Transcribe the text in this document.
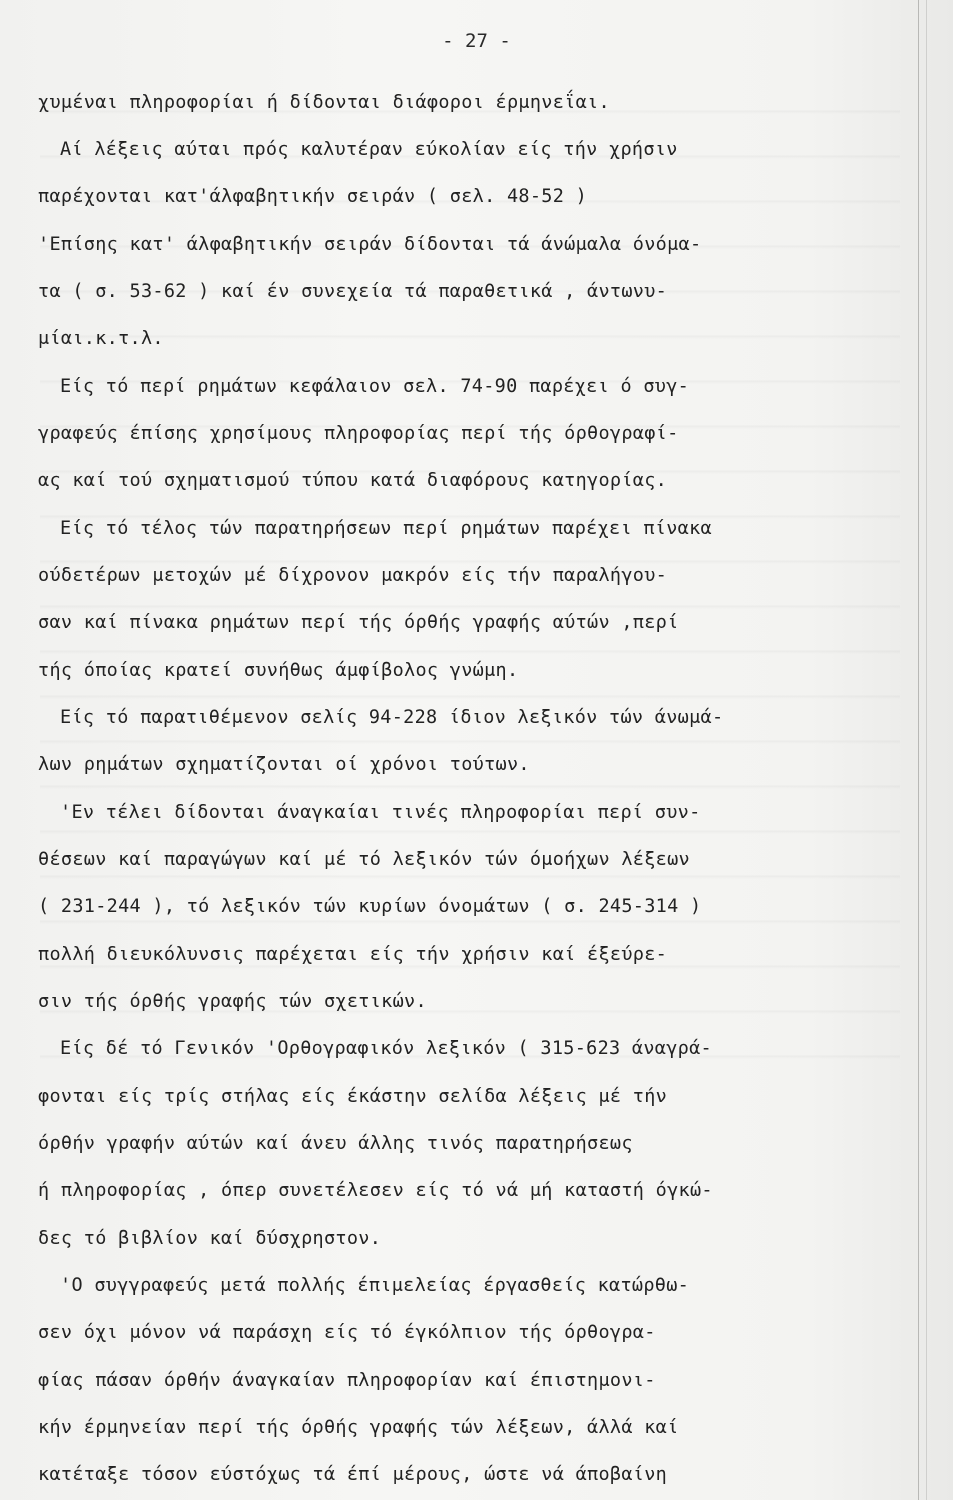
- 27 -
χυμέναι πληροφορίαι ή δίδονται διάφοροι έρμηνεΐαι.
Αί λέξεις αύται πρός καλυτέραν εύκολίαν είς τήν χρήσιν
παρέχονται κατ'άλφαβητικήν σειράν ( σελ. 48-52 )
'Επίσης κατ' άλφαβητικήν σειράν δίδονται τά άνώμαλα όνόμα-
τα ( σ. 53-62 ) καί έν συνεχεία τά παραθετικά , άντωνυ-
μίαι.κ.τ.λ.
Είς τό περί ρημάτων κεφάλαιον σελ. 74-90 παρέχει ό συγ-
γραφεύς έπίσης χρησίμους πληροφορίας περί τής όρθογραφί-
ας καί τού σχηματισμού τύπου κατά διαφόρους κατηγορίας.
Είς τό τέλος τών παρατηρήσεων περί ρημάτων παρέχει πίνακα
ούδετέρων μετοχών μέ δίχρονον μακρόν είς τήν παραλήγου-
σαν καί πίνακα ρημάτων περί τής όρθής γραφής αύτών ,περί
τής όποίας κρατεί συνήθως άμφίβολος γνώμη.
Είς τό παρατιθέμενον σελίς 94-228 ίδιον λεξικόν τών άνωμά-
λων ρημάτων σχηματίζονται οί χρόνοι τούτων.
'Εν τέλει δίδονται άναγκαίαι τινές πληροφορίαι περί συν-
θέσεων καί παραγώγων καί μέ τό λεξικόν τών όμοήχων λέξεων
( 231-244 ), τό λεξικόν τών κυρίων όνομάτων ( σ. 245-314 )
πολλή διευκόλυνσις παρέχεται είς τήν χρήσιν καί έξεύρε-
σιν τής όρθής γραφής τών σχετικών.
Είς δέ τό Γενικόν 'Ορθογραφικόν λεξικόν ( 315-623 άναγρά-
φονται είς τρίς στήλας είς έκάστην σελίδα λέξεις μέ τήν
όρθήν γραφήν αύτών καί άνευ άλλης τινός παρατηρήσεως
ή πληροφορίας , όπερ συνετέλεσεν είς τό νά μή καταστή όγκώ-
δες τό βιβλίον καί δύσχρηστον.
'Ο συγγραφεύς μετά πολλής έπιμελείας έργασθείς κατώρθω-
σεν όχι μόνον νά παράσχη είς τό έγκόλπιον τής όρθογρα-
φίας πάσαν όρθήν άναγκαίαν πληροφορίαν καί έπιστημονι-
κήν έρμηνείαν περί τής όρθής γραφής τών λέξεων, άλλά καί
κατέταξε τόσον εύστόχως τά έπί μέρους, ώστε νά άποβαίνη
